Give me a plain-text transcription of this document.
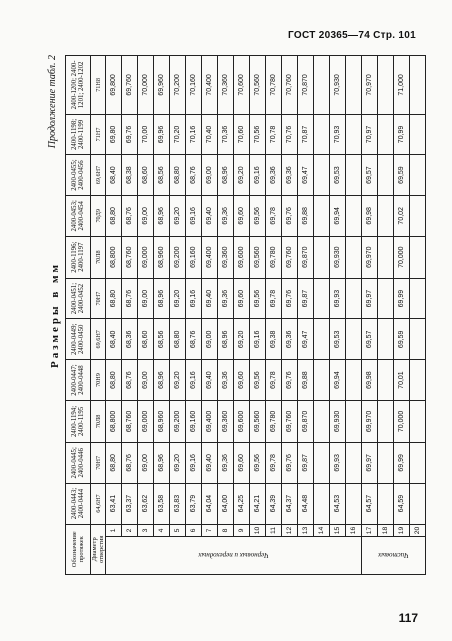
ГОСТ 20365—74 Стр. 101
Продолжение табл. 2
Размеры в мм
Обозначение протяжек		2400-0443; 2400-0444	2400-0445; 2400-0446	2400-1194; 2400-1195	2400-0447; 2400-0448	2400-0449; 2400-0450	2400-0451; 2400-0452	2400-1196; 2400-1197	2400-0453; 2400-0454	2400-0455; 2400-0456	2400-1198; 2400-1199	2400-1200; 2400-1201; 2400-1202
Диаметр отверстия		64,6H7	70H7	70Л8	70H9	69,6H7	70H7	70Л8	70Д9	69,6H7	71H7	71H8
Черновых и переходных	1	63,41	68,80	68,800	68,80	68,40	68,80	68,800	68,80	68,40	69,80	69,800
	2	63,37	68,76	68,760	68,76	68,36	68,76	68,760	68,76	68,38	69,76	69,760
	3	63,62	69,00	69,000	69,00	68,60	69,00	69,000	69,00	68,60	70,00	70,000
	4	63,58	68,96	68,960	68,96	68,56	68,96	68,960	68,96	68,56	69,96	69,960
	5	63,83	69,20	69,200	69,20	68,80	69,20	69,200	69,20	68,80	70,20	70,200
	6	63,79	69,16	69,160	69,16	68,76	69,16	69,160	69,16	68,76	70,16	70,160
	7	64,04	69,40	69,400	69,40	69,00	69,40	69,400	69,40	69,00	70,40	70,400
	8	64,00	69,36	69,360	69,36	68,96	69,36	69,360	69,36	68,96	70,36	70,360
	9	64,25	69,60	69,600	69,60	69,20	69,60	69,600	69,60	69,20	70,60	70,600
	10	64,21	69,56	69,560	69,56	69,16	69,56	69,560	69,56	69,16	70,56	70,560
	11	64,39	69,78	69,780	69,78	69,38	69,78	69,780	69,78	69,36	70,78	70,780
	12	64,37	69,76	69,760	69,76	69,36	69,76	69,760	69,76	69,36	70,76	70,760
	13	64,48	69,87	69,870	69,88	69,47	69,87	69,870	69,88	69,47	70,87	70,870
	14											
	15	64,53	69,93	69,930	69,94	69,53	69,93	69,930	69,94	69,53	70,93	70,930
	16											
Чистовых	17	64,57	69,97	69,970	69,98	69,57	69,97	69,970	69,98	69,57	70,97	70,970
	18											
	19	64,59	69,99	70,000	70,01	69,59	69,99	70,000	70,02	69,59	70,99	71,000
	20											
117
